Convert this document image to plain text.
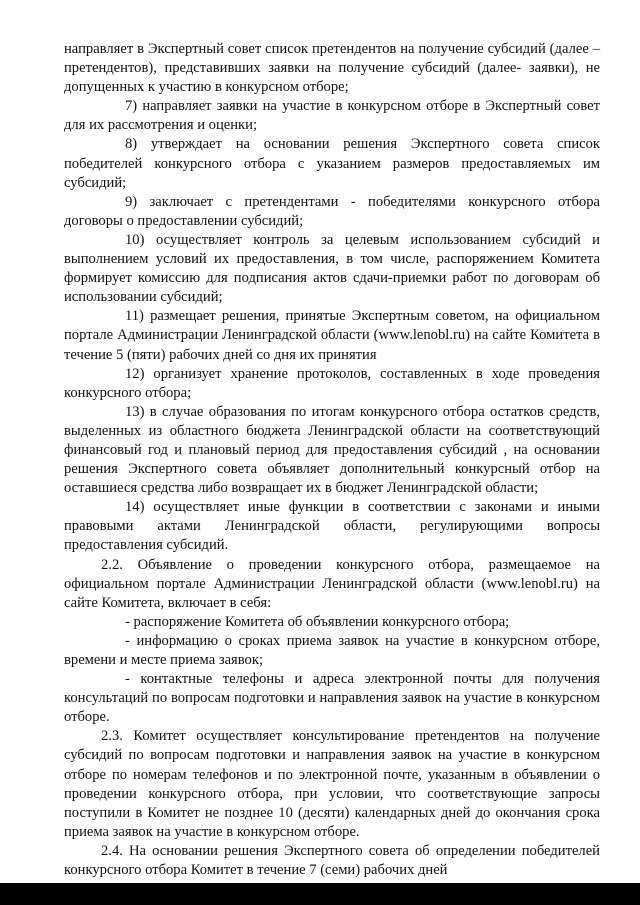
направляет в Экспертный совет список претендентов на получение субсидий (далее – претендентов), представивших заявки на получение субсидий (далее- заявки), не допущенных к участию в конкурсном отборе;

7) направляет заявки на участие в конкурсном отборе в Экспертный совет для их рассмотрения и оценки;

8) утверждает на основании решения Экспертного совета список победителей конкурсного отбора с указанием размеров предоставляемых им субсидий;

9) заключает с претендентами - победителями конкурсного отбора договоры о предоставлении субсидий;

10) осуществляет контроль за целевым использованием субсидий и выполнением условий их предоставления, в том числе, распоряжением Комитета формирует комиссию для подписания актов сдачи-приемки работ по договорам об использовании субсидий;

11) размещает решения, принятые Экспертным советом, на официальном портале Администрации Ленинградской области (www.lenobl.ru) на сайте Комитета в течение 5 (пяти) рабочих дней со дня их принятия

12) организует хранение протоколов, составленных в ходе проведения конкурсного отбора;

13) в случае образования по итогам конкурсного отбора остатков средств, выделенных из областного бюджета Ленинградской области на соответствующий финансовый год и плановый период для предоставления субсидий , на основании решения Экспертного совета объявляет дополнительный конкурсный отбор на оставшиеся средства либо возвращает их в бюджет Ленинградской области;

14) осуществляет иные функции в соответствии с законами и иными правовыми актами Ленинградской области, регулирующими вопросы предоставления субсидий.

2.2. Объявление о проведении конкурсного отбора, размещаемое на официальном портале Администрации Ленинградской области (www.lenobl.ru) на сайте Комитета, включает в себя:

- распоряжение Комитета об объявлении конкурсного отбора;

- информацию о сроках приема заявок на участие в конкурсном отборе, времени и месте приема заявок;

- контактные телефоны и адреса электронной почты для получения консультаций по вопросам подготовки и направления заявок на участие в конкурсном отборе.

2.3. Комитет осуществляет консультирование претендентов на получение субсидий по вопросам подготовки и направления заявок на участие в конкурсном отборе по номерам телефонов и по электронной почте, указанным в объявлении о проведении конкурсного отбора, при условии, что соответствующие запросы поступили в Комитет не позднее 10 (десяти) календарных дней до окончания срока приема заявок на участие в конкурсном отборе.

2.4. На основании решения Экспертного совета об определении победителей конкурсного отбора Комитет в течение 7 (семи) рабочих дней
